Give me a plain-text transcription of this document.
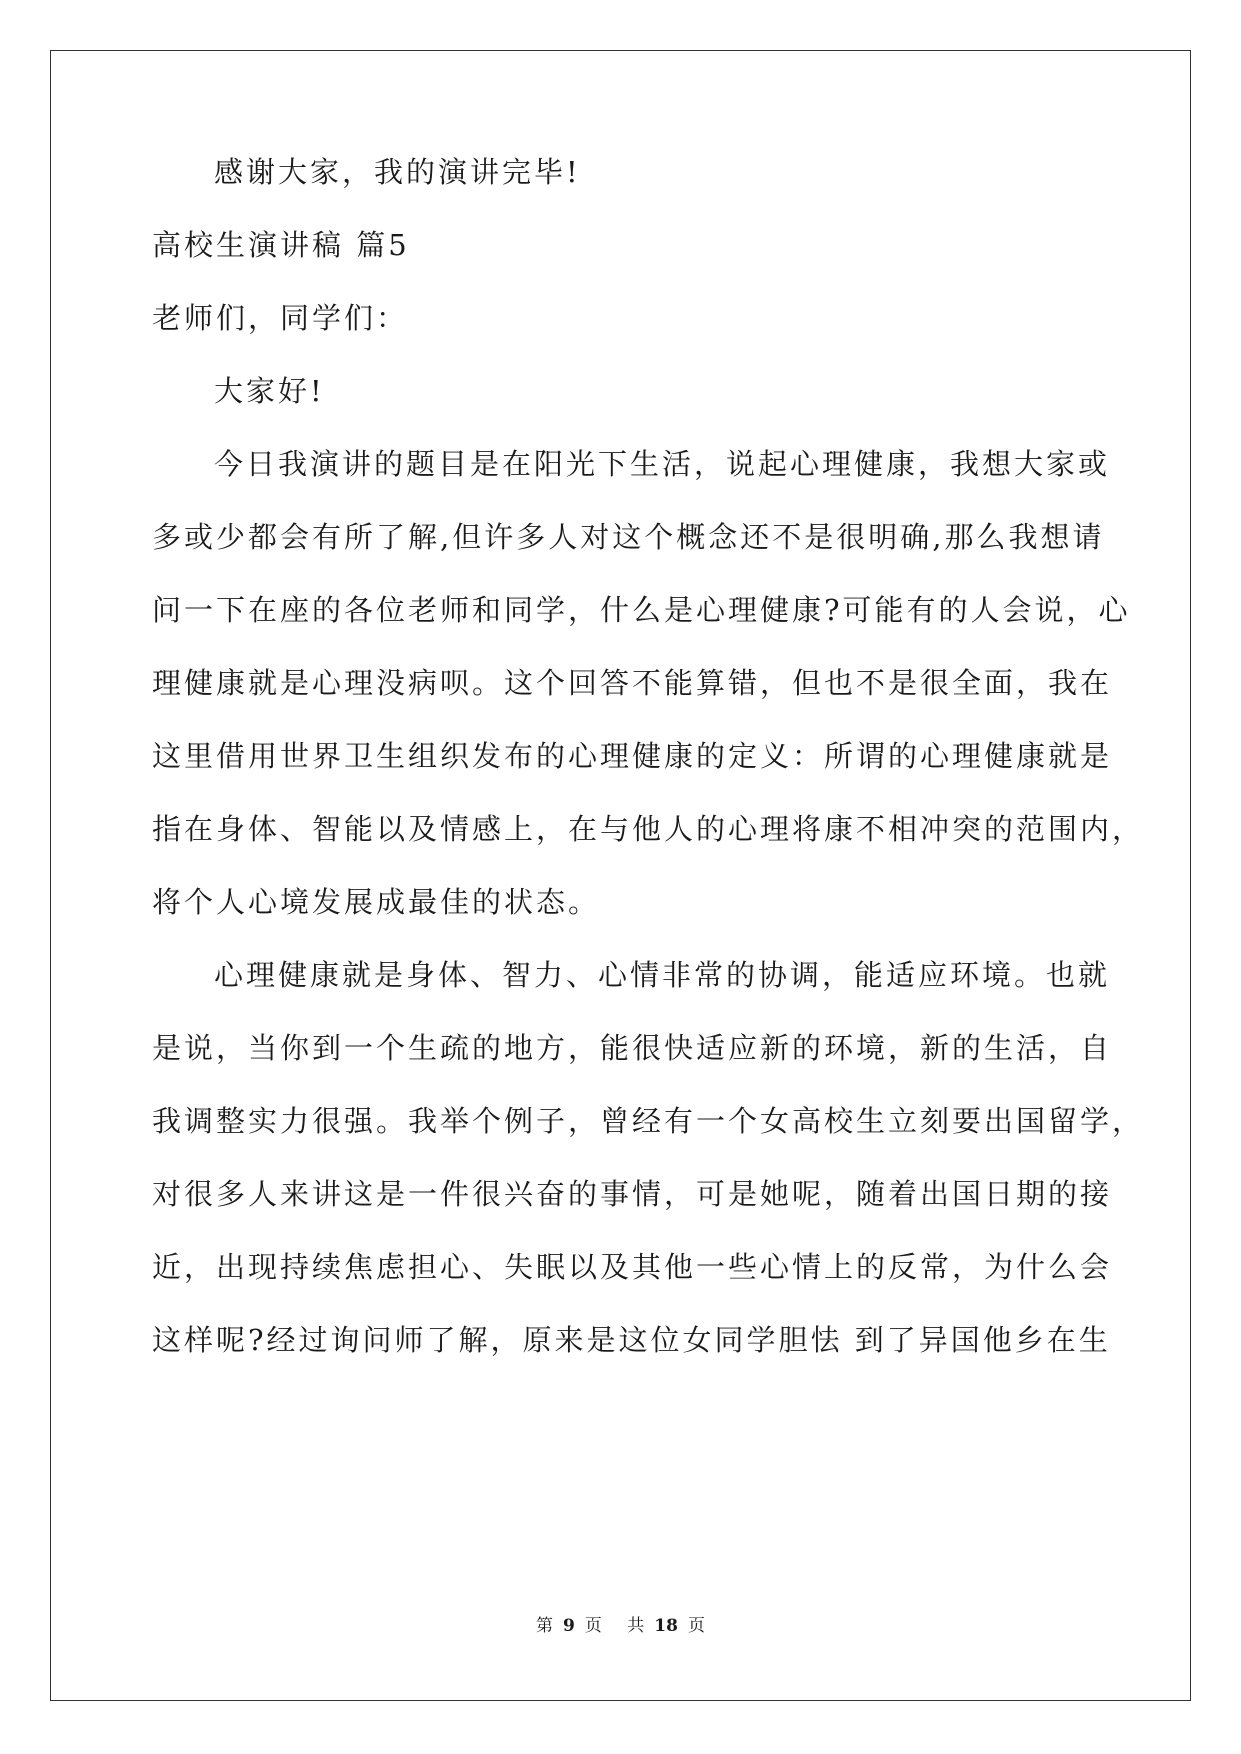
感谢大家，我的演讲完毕!
高校生演讲稿 篇5
老师们，同学们：
大家好!
今日我演讲的题目是在阳光下生活，说起心理健康，我想大家或
多或少都会有所了解,但许多人对这个概念还不是很明确,那么我想请
问一下在座的各位老师和同学，什么是心理健康?可能有的人会说，心
理健康就是心理没病呗。这个回答不能算错，但也不是很全面，我在
这里借用世界卫生组织发布的心理健康的定义：所谓的心理健康就是
指在身体、智能以及情感上，在与他人的心理将康不相冲突的范围内，
将个人心境发展成最佳的状态。
心理健康就是身体、智力、心情非常的协调，能适应环境。也就
是说，当你到一个生疏的地方，能很快适应新的环境，新的生活，自
我调整实力很强。我举个例子，曾经有一个女高校生立刻要出国留学，
对很多人来讲这是一件很兴奋的事情，可是她呢，随着出国日期的接
近，出现持续焦虑担心、失眠以及其他一些心情上的反常，为什么会
这样呢?经过询问师了解，原来是这位女同学胆怯 到了异国他乡在生
第 9 页 共 18 页
